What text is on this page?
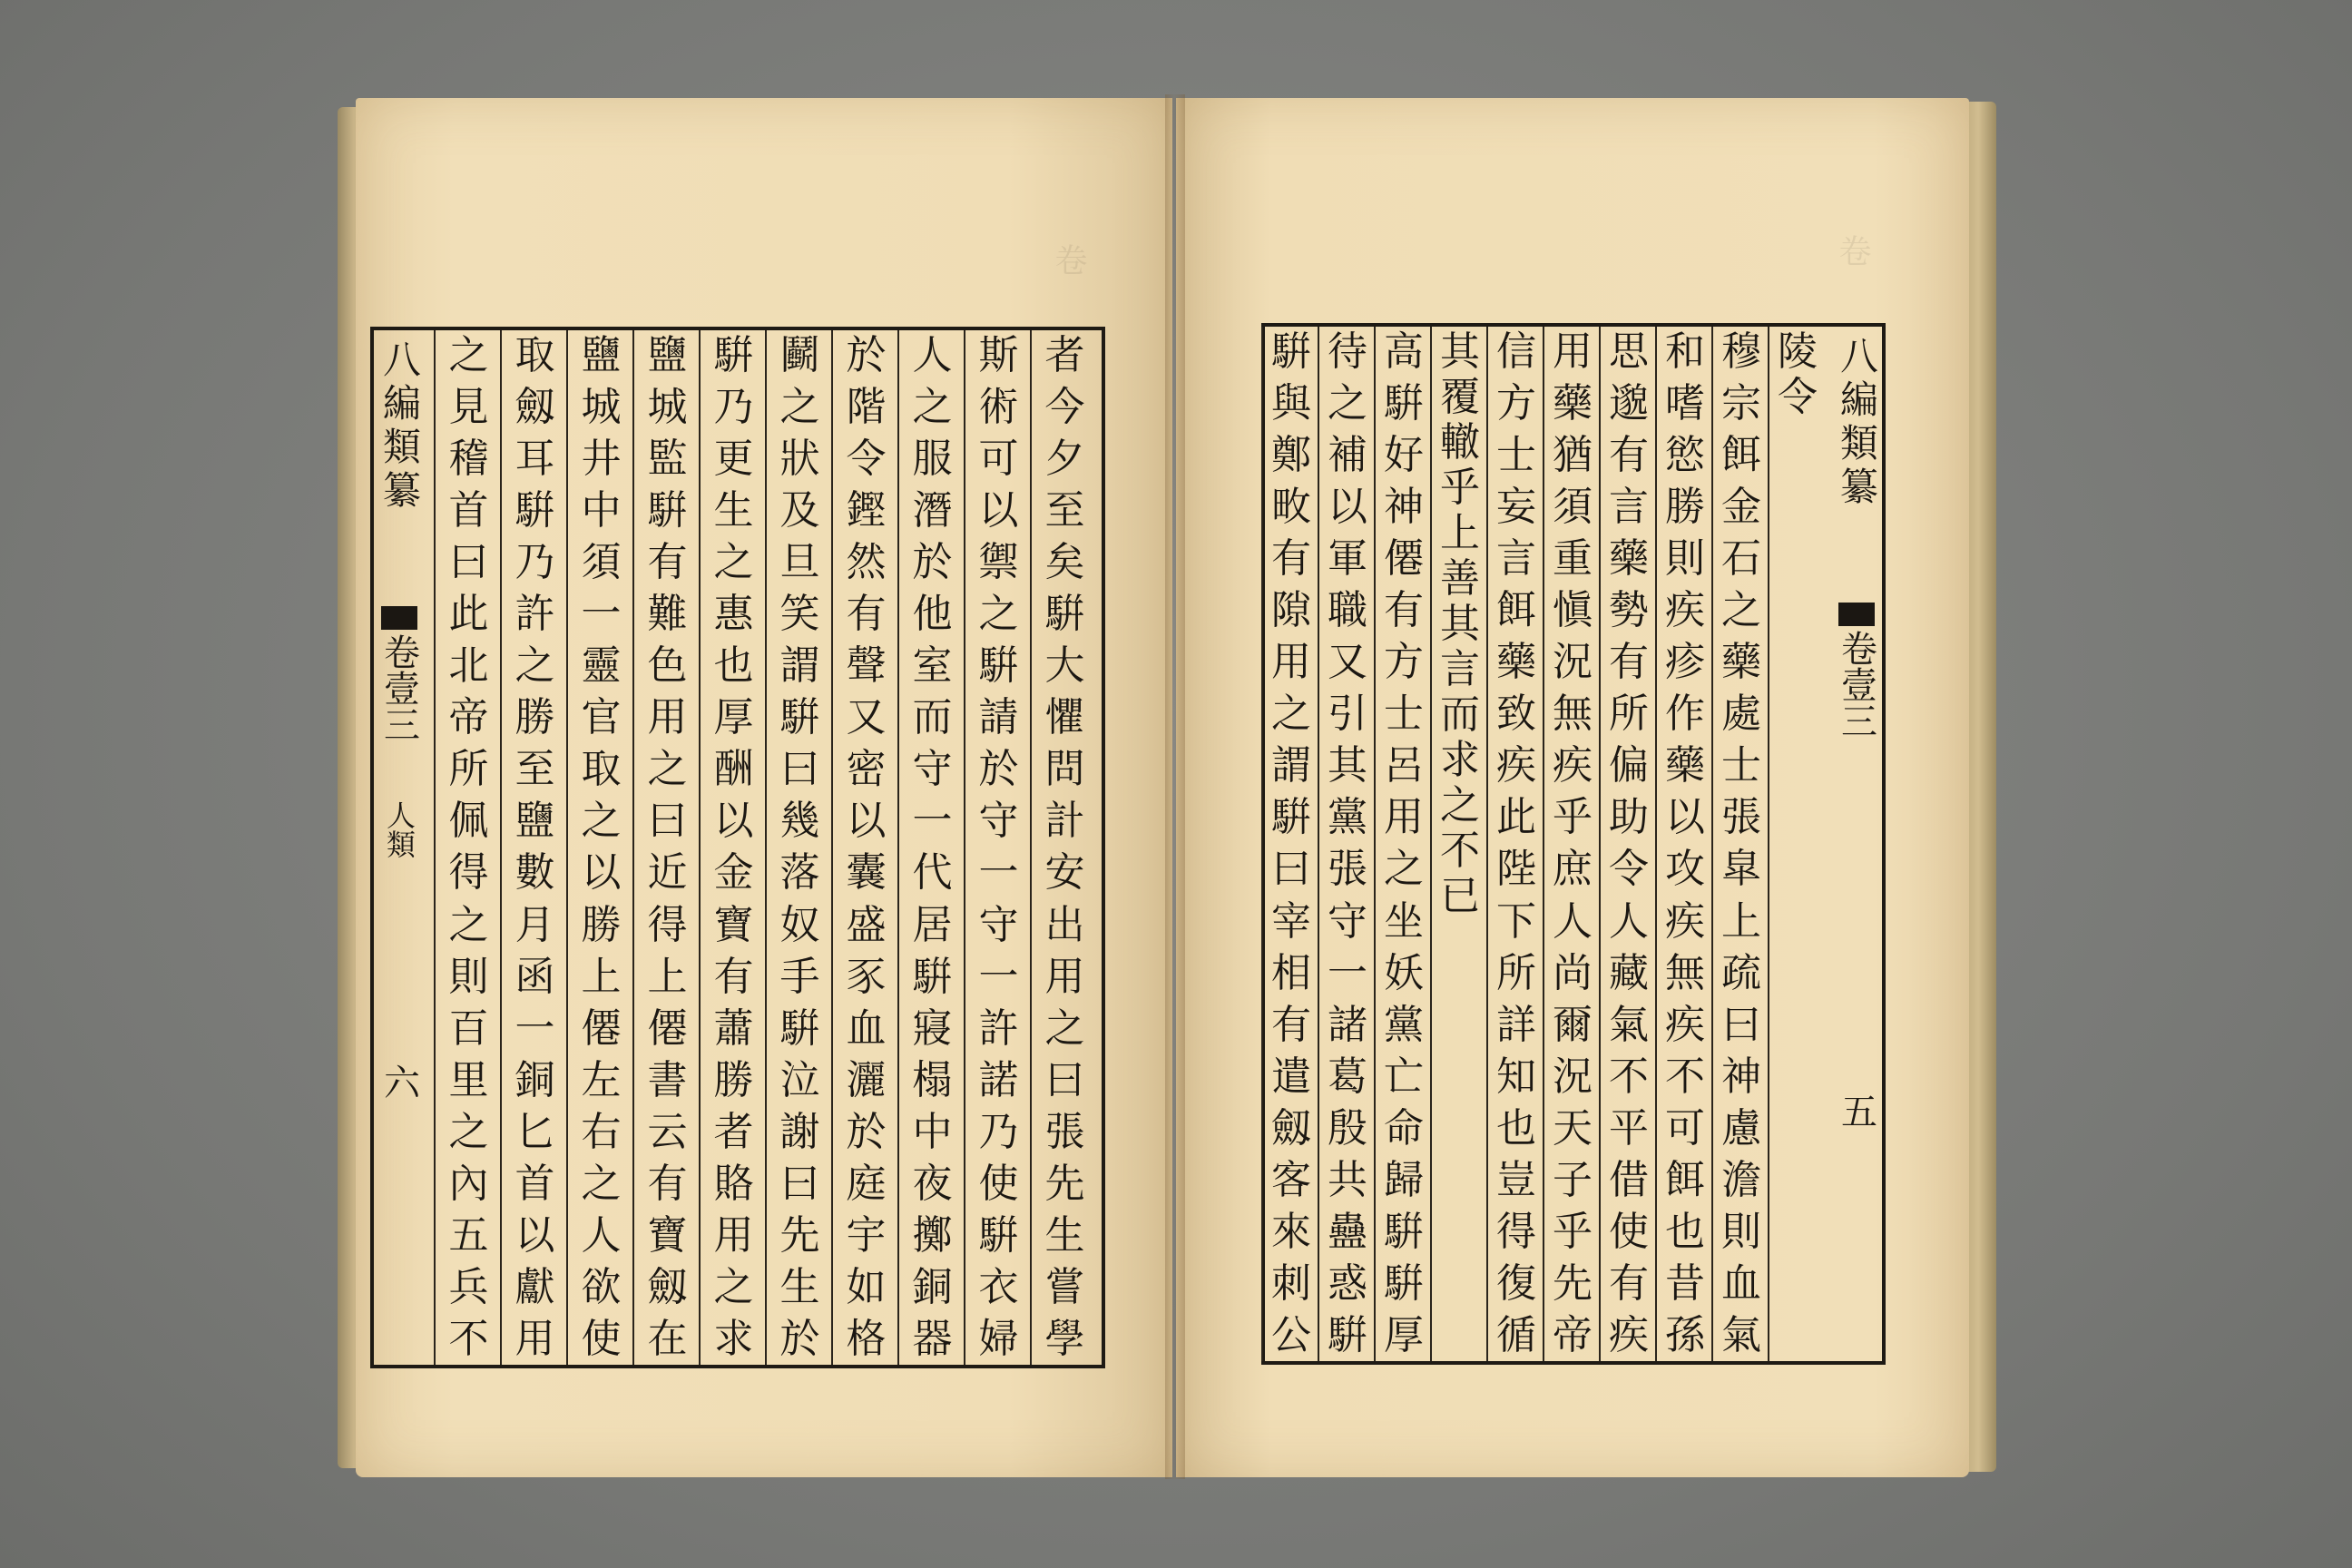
卷	卷
八編類纂
卷壹三
人類
六
者
今
夕
至
矣
騈
大
懼
問
計
安
出
用
之
曰
張
先
生
嘗
學
斯
術
可
以
禦
之
騈
請
於
守
一
守
一
許
諾
乃
使
騈
衣
婦
人
之
服
潛
於
他
室
而
守
一
代
居
騈
寢
榻
中
夜
擲
銅
器
於
階
令
鏗
然
有
聲
又
密
以
囊
盛
豕
血
灑
於
庭
宇
如
格
鬬
之
狀
及
旦
笑
謂
騈
曰
幾
落
奴
手
騈
泣
謝
曰
先
生
於
騈
乃
更
生
之
惠
也
厚
酬
以
金
寶
有
蕭
勝
者
賂
用
之
求
鹽
城
監
騈
有
難
色
用
之
曰
近
得
上
僊
書
云
有
寶
劔
在
鹽
城
井
中
須
一
靈
官
取
之
以
勝
上
僊
左
右
之
人
欲
使
取
劔
耳
騈
乃
許
之
勝
至
鹽
數
月
函
一
銅
匕
首
以
獻
用
之
見
稽
首
曰
此
北
帝
所
佩
得
之
則
百
里
之
內
五
兵
不
八編類纂
卷壹三
五
陵
令
穆
宗
餌
金
石
之
藥
處
士
張
皐
上
疏
曰
神
慮
澹
則
血
氣
和
嗜
慾
勝
則
疾
疹
作
藥
以
攻
疾
無
疾
不
可
餌
也
昔
孫
思
邈
有
言
藥
勢
有
所
偏
助
令
人
藏
氣
不
平
借
使
有
疾
用
藥
猶
須
重
愼
況
無
疾
乎
庶
人
尚
爾
況
天
子
乎
先
帝
信
方
士
妄
言
餌
藥
致
疾
此
陛
下
所
詳
知
也
豈
得
復
循
其
覆
轍
乎
上
善
其
言
而
求
之
不
已
高
騈
好
神
僊
有
方
士
呂
用
之
坐
妖
黨
亡
命
歸
騈
騈
厚
待
之
補
以
軍
職
又
引
其
黨
張
守
一
諸
葛
殷
共
蠱
惑
騈
騈
與
鄭
畋
有
隙
用
之
謂
騈
曰
宰
相
有
遣
劔
客
來
刺
公
